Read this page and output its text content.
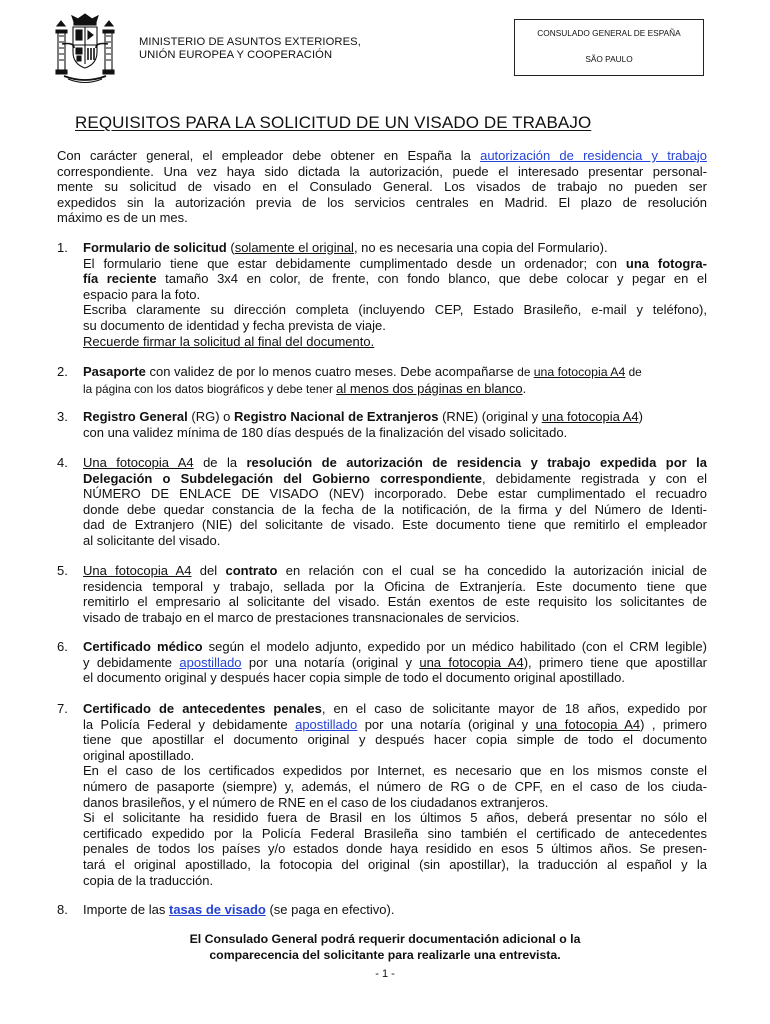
MINISTERIO DE ASUNTOS EXTERIORES,
UNIÓN EUROPEA Y COOPERACIÓN
CONSULADO GENERAL DE ESPAÑA
SÃO PAULO
REQUISITOS PARA LA SOLICITUD DE UN VISADO DE TRABAJO
Con carácter general, el empleador debe obtener en España la autorización de residencia y trabajo
correspondiente. Una vez haya sido dictada la autorización, puede el interesado presentar personal-
mente su solicitud de visado en el Consulado General. Los visados de trabajo no pueden ser
expedidos sin la autorización previa de los servicios centrales en Madrid. El plazo de resolución
máximo es de un mes.
1. Formulario de solicitud (solamente el original, no es necesaria una copia del Formulario).
El formulario tiene que estar debidamente cumplimentado desde un ordenador; con una fotogra-
fía reciente tamaño 3x4 en color, de frente, con fondo blanco, que debe colocar y pegar en el
espacio para la foto.
Escriba claramente su dirección completa (incluyendo CEP, Estado Brasileño, e-mail y teléfono),
su documento de identidad y fecha prevista de viaje.
Recuerde firmar la solicitud al final del documento.
2. Pasaporte con validez de por lo menos cuatro meses. Debe acompañarse de una fotocopia A4 de
la página con los datos biográficos y debe tener al menos dos páginas en blanco.
3. Registro General (RG) o Registro Nacional de Extranjeros (RNE) (original y una fotocopia A4)
con una validez mínima de 180 días después de la finalización del visado solicitado.
4. Una fotocopia A4 de la resolución de autorización de residencia y trabajo expedida por la
Delegación o Subdelegación del Gobierno correspondiente, debidamente registrada y con el
NÚMERO DE ENLACE DE VISADO (NEV) incorporado. Debe estar cumplimentado el recuadro
donde debe quedar constancia de la fecha de la notificación, de la firma y del Número de Identi-
dad de Extranjero (NIE) del solicitante de visado. Este documento tiene que remitirlo el empleador
al solicitante del visado.
5. Una fotocopia A4 del contrato en relación con el cual se ha concedido la autorización inicial de
residencia temporal y trabajo, sellada por la Oficina de Extranjería. Este documento tiene que
remitirlo el empresario al solicitante del visado. Están exentos de este requisito los solicitantes de
visado de trabajo en el marco de prestaciones transnacionales de servicios.
6. Certificado médico según el modelo adjunto, expedido por un médico habilitado (con el CRM legible)
y debidamente apostillado por una notaría (original y una fotocopia A4), primero tiene que apostillar
el documento original y después hacer copia simple de todo el documento original apostillado.
7. Certificado de antecedentes penales, en el caso de solicitante mayor de 18 años, expedido por
la Policía Federal y debidamente apostillado por una notaría (original y una fotocopia A4) , primero
tiene que apostillar el documento original y después hacer copia simple de todo el documento
original apostillado.
En el caso de los certificados expedidos por Internet, es necesario que en los mismos conste el
número de pasaporte (siempre) y, además, el número de RG o de CPF, en el caso de los ciuda-
danos brasileños, y el número de RNE en el caso de los ciudadanos extranjeros.
Si el solicitante ha residido fuera de Brasil en los últimos 5 años, deberá presentar no sólo el
certificado expedido por la Policía Federal Brasileña sino también el certificado de antecedentes
penales de todos los países y/o estados donde haya residido en esos 5 últimos años. Se presen-
tará el original apostillado, la fotocopia del original (sin apostillar), la traducción al español y la
copia de la traducción.
8. Importe de las tasas de visado (se paga en efectivo).
El Consulado General podrá requerir documentación adicional o la
comparecencia del solicitante para realizarle una entrevista.
- 1 -
